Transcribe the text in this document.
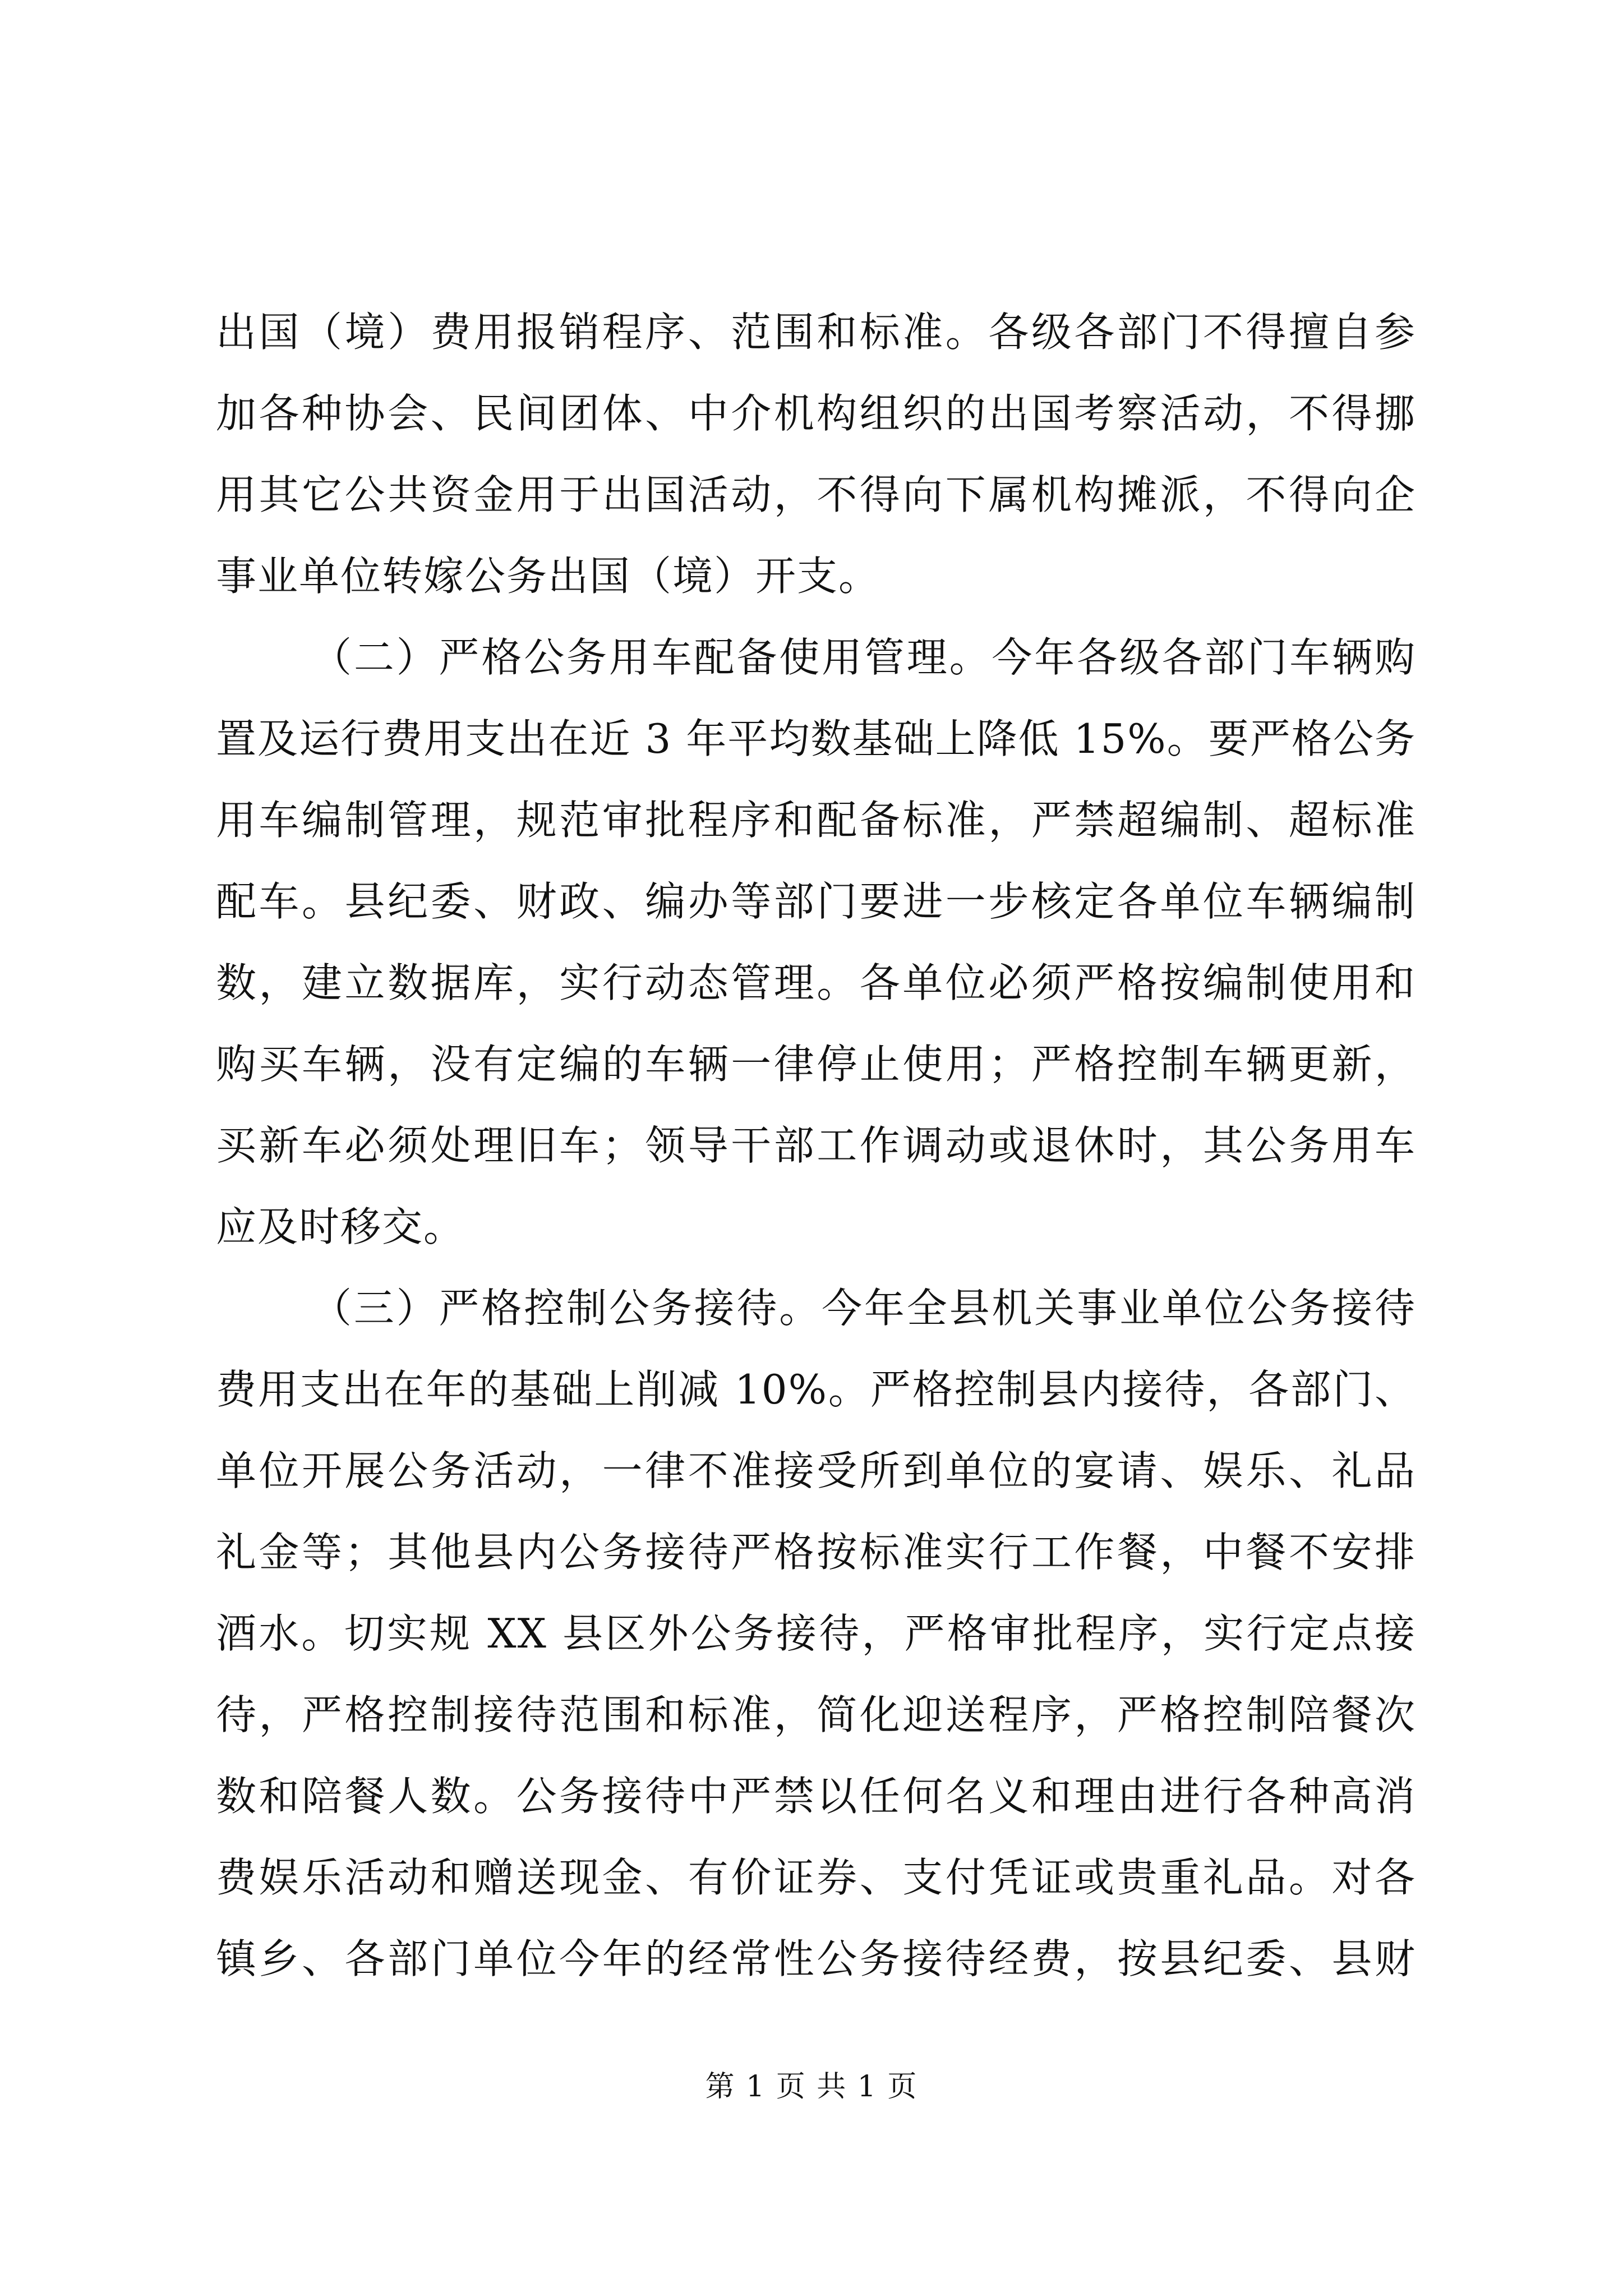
出国（境）费用报销程序、范围和标准。各级各部门不得擅自参
加各种协会、民间团体、中介机构组织的出国考察活动，不得挪
用其它公共资金用于出国活动，不得向下属机构摊派，不得向企
事业单位转嫁公务出国（境）开支。
（二）严格公务用车配备使用管理。今年各级各部门车辆购
置及运行费用支出在近 3 年平均数基础上降低 15%。要严格公务
用车编制管理，规范审批程序和配备标准，严禁超编制、超标准
配车。县纪委、财政、编办等部门要进一步核定各单位车辆编制
数，建立数据库，实行动态管理。各单位必须严格按编制使用和
购买车辆，没有定编的车辆一律停止使用；严格控制车辆更新，
买新车必须处理旧车；领导干部工作调动或退休时，其公务用车
应及时移交。
（三）严格控制公务接待。今年全县机关事业单位公务接待
费用支出在年的基础上削减 10%。严格控制县内接待，各部门、
单位开展公务活动，一律不准接受所到单位的宴请、娱乐、礼品
礼金等；其他县内公务接待严格按标准实行工作餐，中餐不安排
酒水。切实规 XX 县区外公务接待，严格审批程序，实行定点接
待，严格控制接待范围和标准，简化迎送程序，严格控制陪餐次
数和陪餐人数。公务接待中严禁以任何名义和理由进行各种高消
费娱乐活动和赠送现金、有价证券、支付凭证或贵重礼品。对各
镇乡、各部门单位今年的经常性公务接待经费，按县纪委、县财
第 1 页 共 1 页
